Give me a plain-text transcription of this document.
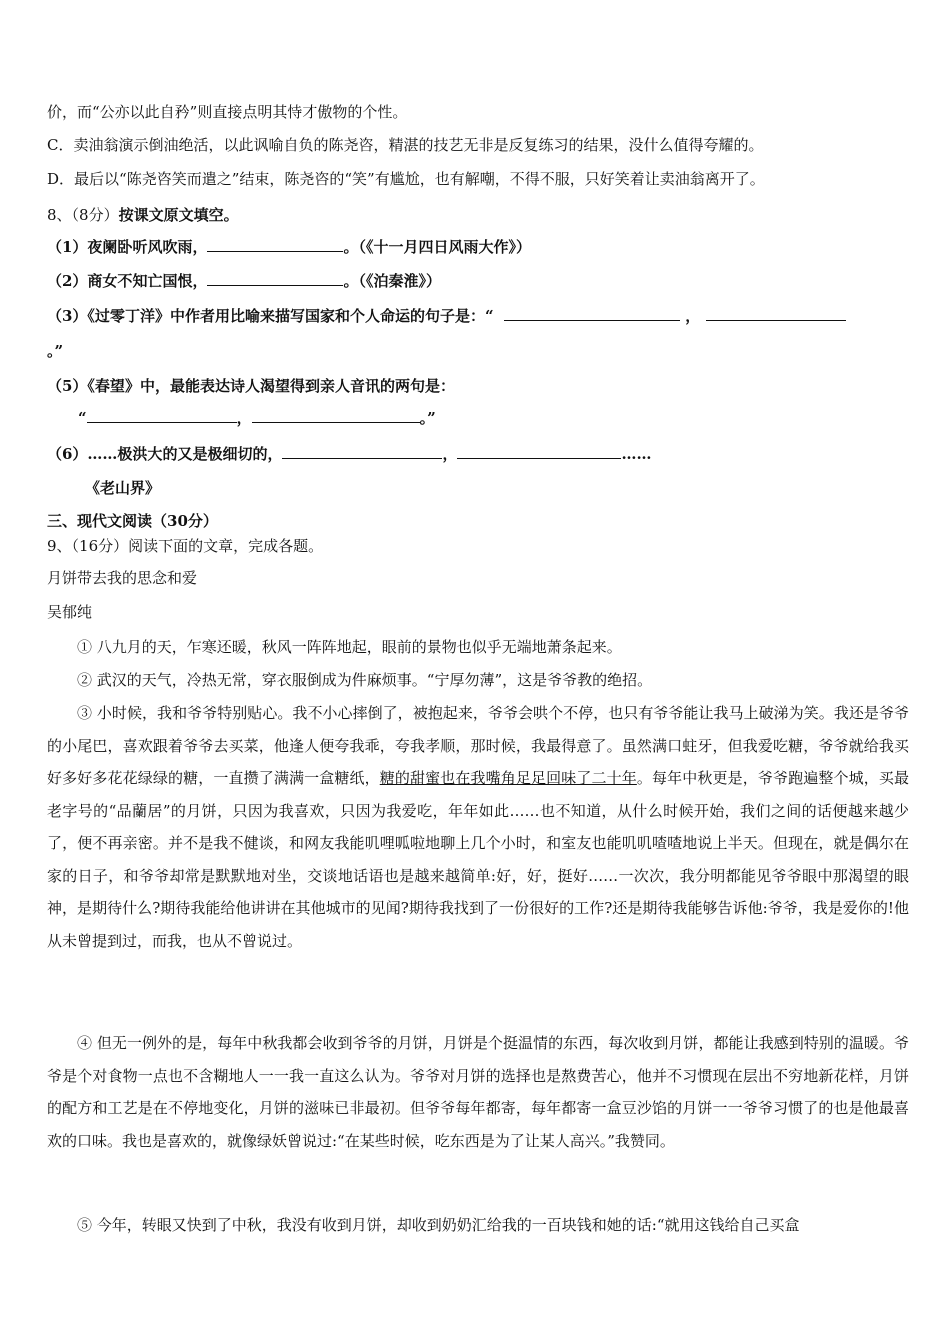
价，而“公亦以此自矜”则直接点明其恃才傲物的个性。
C．卖油翁演示倒油绝活，以此讽喻自负的陈尧咨，精湛的技艺无非是反复练习的结果，没什么值得夸耀的。
D．最后以“陈尧咨笑而遣之”结束，陈尧咨的“笑”有尴尬，也有解嘲，不得不服，只好笑着让卖油翁离开了。
8、（8分）按课文原文填空。
（1）夜阑卧听风吹雨，	。（《十一月四日风雨大作》）
（2）商女不知亡国恨，	。（《泊秦淮》）
（3）《过零丁洋》中作者用比喻来描写国家和个人命运的句子是：“	，
。”
（5）《春望》中，最能表达诗人渴望得到亲人音讯的两句是：
“	，	。”
（6）……极洪大的又是极细切的，	，	……
《老山界》
三、现代文阅读（30分）
9、（16分）阅读下面的文章，完成各题。
月饼带去我的思念和爱
吴郁纯
① 八九月的天，乍寒还暖，秋风一阵阵地起，眼前的景物也似乎无端地萧条起来。
② 武汉的天气，冷热无常，穿衣服倒成为件麻烦事。“宁厚勿薄”，这是爷爷教的绝招。
③ 小时候，我和爷爷特别贴心。我不小心摔倒了，被抱起来，爷爷会哄个不停，也只有爷爷能让我马上破涕为笑。我还是爷爷的小尾巴，喜欢跟着爷爷去买菜，他逢人便夸我乖，夸我孝顺，那时候，我最得意了。虽然满口蛀牙，但我爱吃糖，爷爷就给我买好多好多花花绿绿的糖，一直攒了满满一盒糖纸，糖的甜蜜也在我嘴角足足回味了二十年。每年中秋更是，爷爷跑遍整个城，买最老字号的“品蘭居”的月饼，只因为我喜欢，只因为我爱吃，年年如此……也不知道，从什么时候开始，我们之间的话便越来越少了，便不再亲密。并不是我不健谈，和网友我能叽哩呱啦地聊上几个小时，和室友也能叽叽喳喳地说上半天。但现在，就是偶尔在家的日子，和爷爷却常是默默地对坐，交谈地话语也是越来越简单:好，好，挺好……一次次，我分明都能见爷爷眼中那渴望的眼神，是期待什么?期待我能给他讲讲在其他城市的见闻?期待我找到了一份很好的工作?还是期待我能够告诉他:爷爷，我是爱你的!他从未曾提到过，而我，也从不曾说过。
④ 但无一例外的是，每年中秋我都会收到爷爷的月饼，月饼是个挺温情的东西，每次收到月饼，都能让我感到特别的温暖。爷爷是个对食物一点也不含糊地人一一我一直这么认为。爷爷对月饼的选择也是熬费苦心，他并不习惯现在层出不穷地新花样，月饼的配方和工艺是在不停地变化，月饼的滋味已非最初。但爷爷每年都寄，每年都寄一盒豆沙馅的月饼一一爷爷习惯了的也是他最喜欢的口味。我也是喜欢的，就像绿妖曾说过:“在某些时候，吃东西是为了让某人高兴。”我赞同。
⑤ 今年，转眼又快到了中秋，我没有收到月饼，却收到奶奶汇给我的一百块钱和她的话:“就用这钱给自己买盒
